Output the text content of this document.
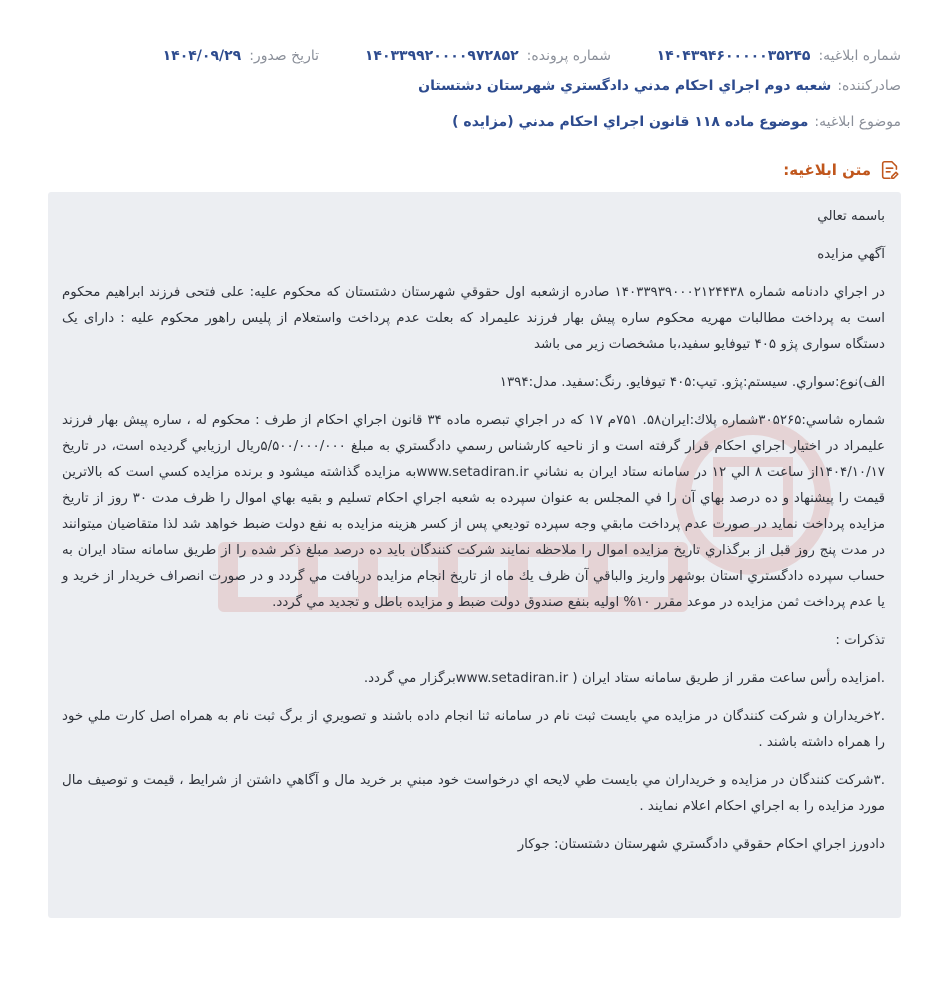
شماره ابلاغيه:
۱۴۰۴۳۹۴۶۰۰۰۰۰۳۵۲۴۵
شماره پرونده:
۱۴۰۳۳۹۹۲۰۰۰۰۹۷۲۸۵۲
تاريخ صدور:
۱۴۰۴/۰۹/۲۹
صادرکننده:
شعبه دوم اجراي احكام مدني دادگستري شهرستان دشتستان
موضوع ابلاغيه:
موضوع ماده ۱۱۸ قانون اجراي احكام مدني (مزايده )
متن ابلاغيه:

باسمه تعالي

آگهي مزايده

در اجراي دادنامه شماره ۱۴۰۳۳۹۳۹۰۰۰۲۱۲۴۴۳۸ صادره ازشعبه اول حقوقي شهرستان دشتستان كه محكوم عليه: علی فتحی فرزند ابراهیم محكوم است به پرداخت مطالبات مهریه محکوم ساره پیش بهار فرزند علیمراد كه بعلت عدم پرداخت واستعلام از پلیس راهور محکوم علیه : دارای یک دستگاه سواری پژو ۴۰۵ تیوفایو سفید،با مشخصات زیر می باشد

الف)نوع:سواري. سيستم:پژو. تيپ:۴۰۵ تيوفايو. رنگ:سفيد. مدل:۱۳۹۴

شماره شاسي:۳۰۵۲۶۵شماره پلاك:ايران۵۸. ۷۵۱م ۱۷ كه در اجراي تبصره ماده ۳۴ قانون اجراي احكام از طرف : محكوم له ، ساره پیش بهار فرزند علیمراد در اختيار اجراي احكام قرار گرفته است و از ناحيه كارشناس رسمي دادگستري به مبلغ ۵/۵۰۰/۰۰۰/۰۰۰ريال ارزيابي گرديده است، در تاريخ ۱۴۰۴/۱۰/۱۷از ساعت ۸ الي ۱۲ در سامانه ستاد ايران به نشاني www.setadiran.irبه مزايده گذاشته ميشود و برنده مزايده كسي است كه بالاترين قيمت را پيشنهاد و ده درصد بهاي آن را في المجلس به عنوان سپرده به شعبه اجراي احكام تسليم و بقيه بهاي اموال را ظرف مدت ۳۰ روز از تاريخ مزايده پرداخت نمايد در صورت عدم پرداخت مابقي وجه سپرده توديعي پس از كسر هزينه مزايده به نفع دولت ضبط خواهد شد لذا متقاضيان ميتوانند در مدت پنج روز قبل از برگذاري تاريخ مزايده اموال را ملاحظه نمايند شركت كنندگان بايد ده درصد مبلغ ذكر شده را از طريق سامانه ستاد ايران به حساب سپرده دادگستري استان بوشهر واريز والباقي آن ظرف يك ماه از تاريخ انجام مزايده دريافت مي گردد و در صورت انصراف خريدار از خريد و يا عدم پرداخت ثمن مزايده در موعد مقرر ۱۰% اوليه بنفع صندوق دولت ضبط و مزايده باطل و تجديد مي گردد.

تذكرات :

.امزايده رأس ساعت مقرر از طريق سامانه ستاد ايران ( www.setadiran.irبرگزار مي گردد.

.۲خريداران و شركت كنندگان در مزايده مي بايست ثبت نام در سامانه ثنا انجام داده باشند و تصويري از برگ ثبت نام به همراه اصل كارت ملي خود را همراه داشته باشند .

.۳شركت كنندگان در مزايده و خريداران مي بايست طي لايحه اي درخواست خود مبني بر خريد مال و آگاهي داشتن از شرايط ، قيمت و توصيف مال مورد مزايده را به اجراي احكام اعلام نمايند .

دادورز اجراي احكام حقوقي دادگستري شهرستان دشتستان: جوكار
